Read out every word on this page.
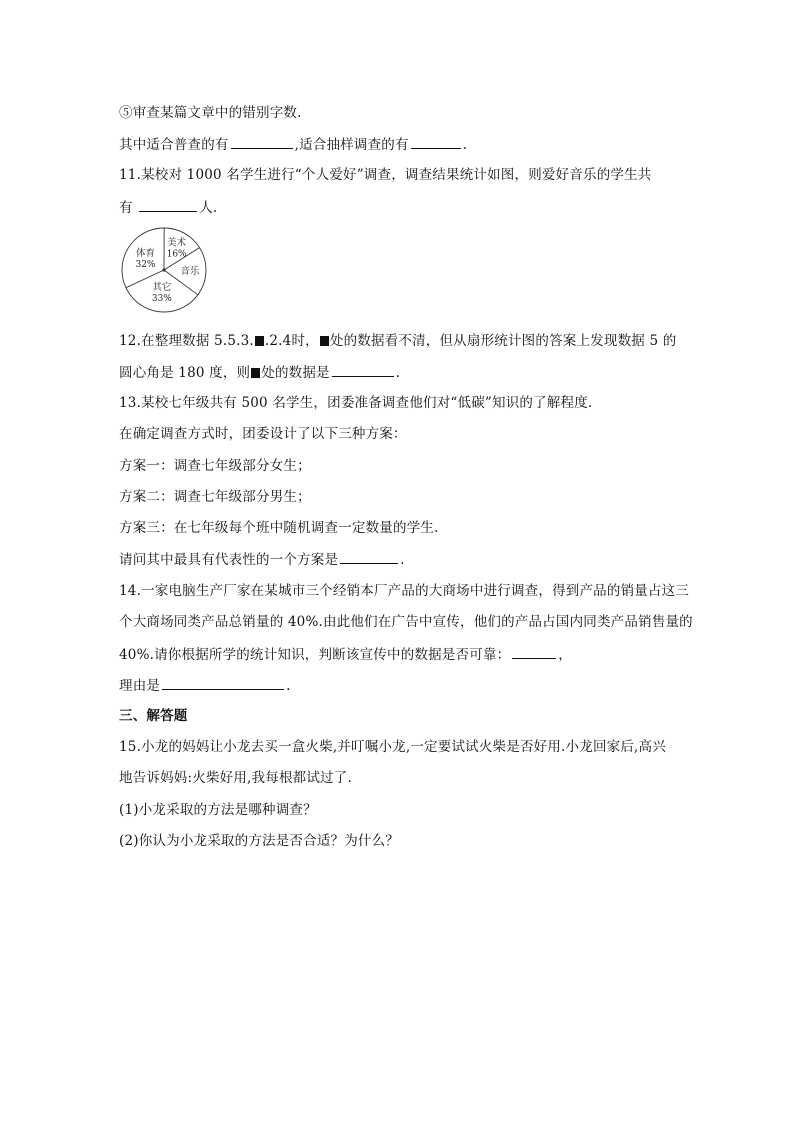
⑤审查某篇文章中的错别字数.
其中适合普查的有	,适合抽样调查的有	.
11.某校对 1000 名学生进行“个人爱好”调查，调查结果统计如图，则爱好音乐的学生共
有	人.
体育
32%
美术
16%
音乐
其它
33%
12.在整理数据 5.5.3. .2.4时， 处的数据看不清，但从扇形统计图的答案上发现数据 5 的
圆心角是 180 度，则 处的数据是	.
13.某校七年级共有 500 名学生，团委准备调查他们对“低碳”知识的了解程度.
在确定调查方式时，团委设计了以下三种方案：
方案一：调查七年级部分女生；
方案二：调查七年级部分男生；
方案三：在七年级每个班中随机调查一定数量的学生.
请问其中最具有代表性的一个方案是	.
14.一家电脑生产厂家在某城市三个经销本厂产品的大商场中进行调查，得到产品的销量占这三
个大商场同类产品总销量的 40%.由此他们在广告中宣传，他们的产品占国内同类产品销售量的
40%.请你根据所学的统计知识，判断该宣传中的数据是否可靠：	，
理由是	.
三、解答题
15.小龙的妈妈让小龙去买一盒火柴,并叮嘱小龙,一定要试试火柴是否好用.小龙回家后,高兴
地告诉妈妈:火柴好用,我每根都试过了.
(1)小龙采取的方法是哪种调查？
(2)你认为小龙采取的方法是否合适？为什么？
